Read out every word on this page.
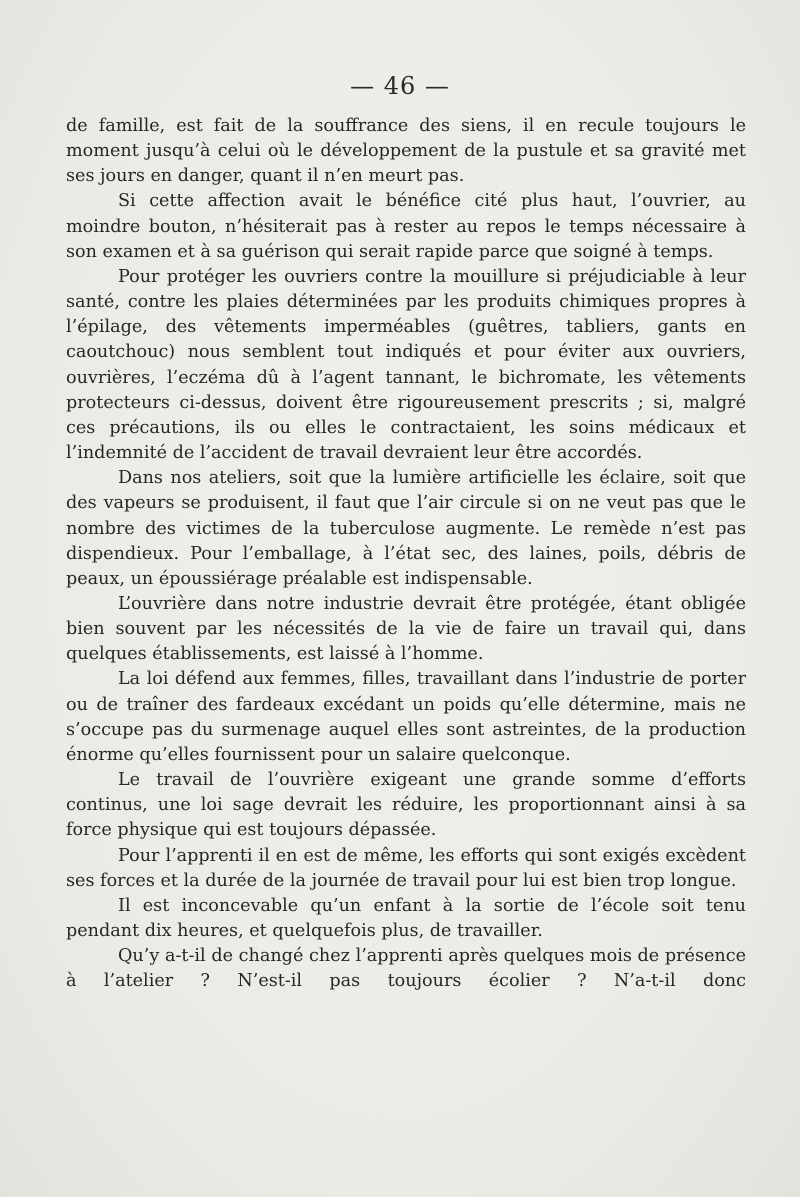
— 46 —

de famille, est fait de la souffrance des siens, il en recule toujours le moment jusqu’à celui où le développement de la pustule et sa gravité met ses jours en danger, quant il n’en meurt pas.

Si cette affection avait le bénéfice cité plus haut, l’ouvrier, au moindre bouton, n’hésiterait pas à rester au repos le temps nécessaire à son examen et à sa guérison qui serait rapide parce que soigné à temps.

Pour protéger les ouvriers contre la mouillure si préjudiciable à leur santé, contre les plaies déterminées par les produits chimiques propres à l’épilage, des vêtements imperméables (guêtres, tabliers, gants en caoutchouc) nous semblent tout indiqués et pour éviter aux ouvriers, ouvrières, l’eczéma dû à l’agent tannant, le bichromate, les vêtements protecteurs ci-dessus, doivent être rigoureusement prescrits ; si, malgré ces précautions, ils ou elles le contractaient, les soins médicaux et l’indemnité de l’accident de travail devraient leur être accordés.

Dans nos ateliers, soit que la lumière artificielle les éclaire, soit que des vapeurs se produisent, il faut que l’air circule si on ne veut pas que le nombre des victimes de la tuberculose augmente. Le remède n’est pas dispendieux. Pour l’emballage, à l’état sec, des laines, poils, débris de peaux, un époussiérage préalable est indispensable.

L’ouvrière dans notre industrie devrait être protégée, étant obligée bien souvent par les nécessités de la vie de faire un travail qui, dans quelques établissements, est laissé à l’homme.

La loi défend aux femmes, filles, travaillant dans l’industrie de porter ou de traîner des fardeaux excédant un poids qu’elle détermine, mais ne s’occupe pas du surmenage auquel elles sont astreintes, de la production énorme qu’elles fournissent pour un salaire quelconque.

Le travail de l’ouvrière exigeant une grande somme d’efforts continus, une loi sage devrait les réduire, les proportionnant ainsi à sa force physique qui est toujours dépassée.

Pour l’apprenti il en est de même, les efforts qui sont exigés excèdent ses forces et la durée de la journée de travail pour lui est bien trop longue.

Il est inconcevable qu’un enfant à la sortie de l’école soit tenu pendant dix heures, et quelquefois plus, de travailler.

Qu’y a-t-il de changé chez l’apprenti après quelques mois de présence à l’atelier ? N’est-il pas toujours écolier ? N’a-t-il donc
